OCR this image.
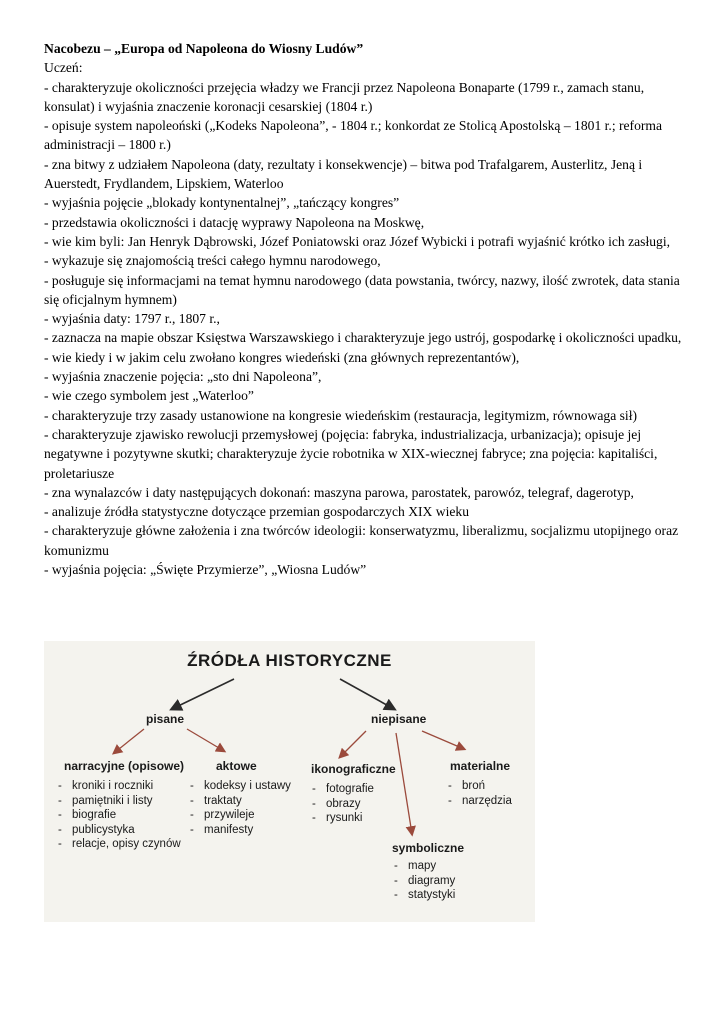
Nacobezu – „Europa od Napoleona do Wiosny Ludów”

Uczeń:

- charakteryzuje okoliczności przejęcia władzy we Francji przez Napoleona Bonaparte (1799 r., zamach stanu, konsulat) i wyjaśnia znaczenie koronacji cesarskiej (1804 r.)

- opisuje system napoleoński („Kodeks Napoleona”, - 1804 r.; konkordat ze Stolicą Apostolską – 1801 r.; reforma administracji – 1800 r.)

- zna bitwy z udziałem Napoleona (daty, rezultaty i konsekwencje) – bitwa pod Trafalgarem, Austerlitz, Jeną i Auerstedt, Frydlandem, Lipskiem, Waterloo

- wyjaśnia pojęcie „blokady kontynentalnej”, „tańczący kongres”

- przedstawia okoliczności i datację wyprawy Napoleona na Moskwę,

- wie kim byli: Jan Henryk Dąbrowski, Józef Poniatowski oraz Józef Wybicki i potrafi wyjaśnić krótko ich zasługi,

- wykazuje się znajomością treści całego hymnu narodowego,

- posługuje się informacjami na temat hymnu narodowego (data powstania, twórcy, nazwy, ilość zwrotek, data stania się oficjalnym hymnem)

- wyjaśnia daty: 1797 r., 1807 r.,

- zaznacza na mapie obszar Księstwa Warszawskiego i charakteryzuje jego ustrój, gospodarkę i okoliczności upadku,

- wie kiedy i w jakim celu zwołano kongres wiedeński (zna głównych reprezentantów),

- wyjaśnia znaczenie pojęcia: „sto dni Napoleona”,

- wie czego symbolem jest „Waterloo”

- charakteryzuje trzy zasady ustanowione na kongresie wiedeńskim (restauracja, legitymizm, równowaga sił)

- charakteryzuje zjawisko rewolucji przemysłowej (pojęcia: fabryka, industrializacja, urbanizacja); opisuje jej negatywne i pozytywne skutki; charakteryzuje życie robotnika w XIX-wiecznej fabryce; zna pojęcia: kapitaliści, proletariusze

- zna wynalazców i daty następujących dokonań: maszyna parowa, parostatek, parowóz, telegraf, dagerotyp,

- analizuje źródła statystyczne dotyczące przemian gospodarczych XIX wieku

- charakteryzuje główne założenia i zna twórców ideologii: konserwatyzmu, liberalizmu, socjalizmu utopijnego oraz komunizmu

- wyjaśnia pojęcia: „Święte Przymierze”, „Wiosna Ludów”

ŹRÓDŁA HISTORYCZNE
pisane	niepisane
narracyjne (opisowe)
- kroniki i roczniki
- pamiętniki i listy
- biografie
- publicystyka
- relacje, opisy czynów
aktowe
- kodeksy i ustawy
- traktaty
- przywileje
- manifesty
ikonograficzne
- fotografie
- obrazy
- rysunki
materialne
- broń
- narzędzia
symboliczne
- mapy
- diagramy
- statystyki
